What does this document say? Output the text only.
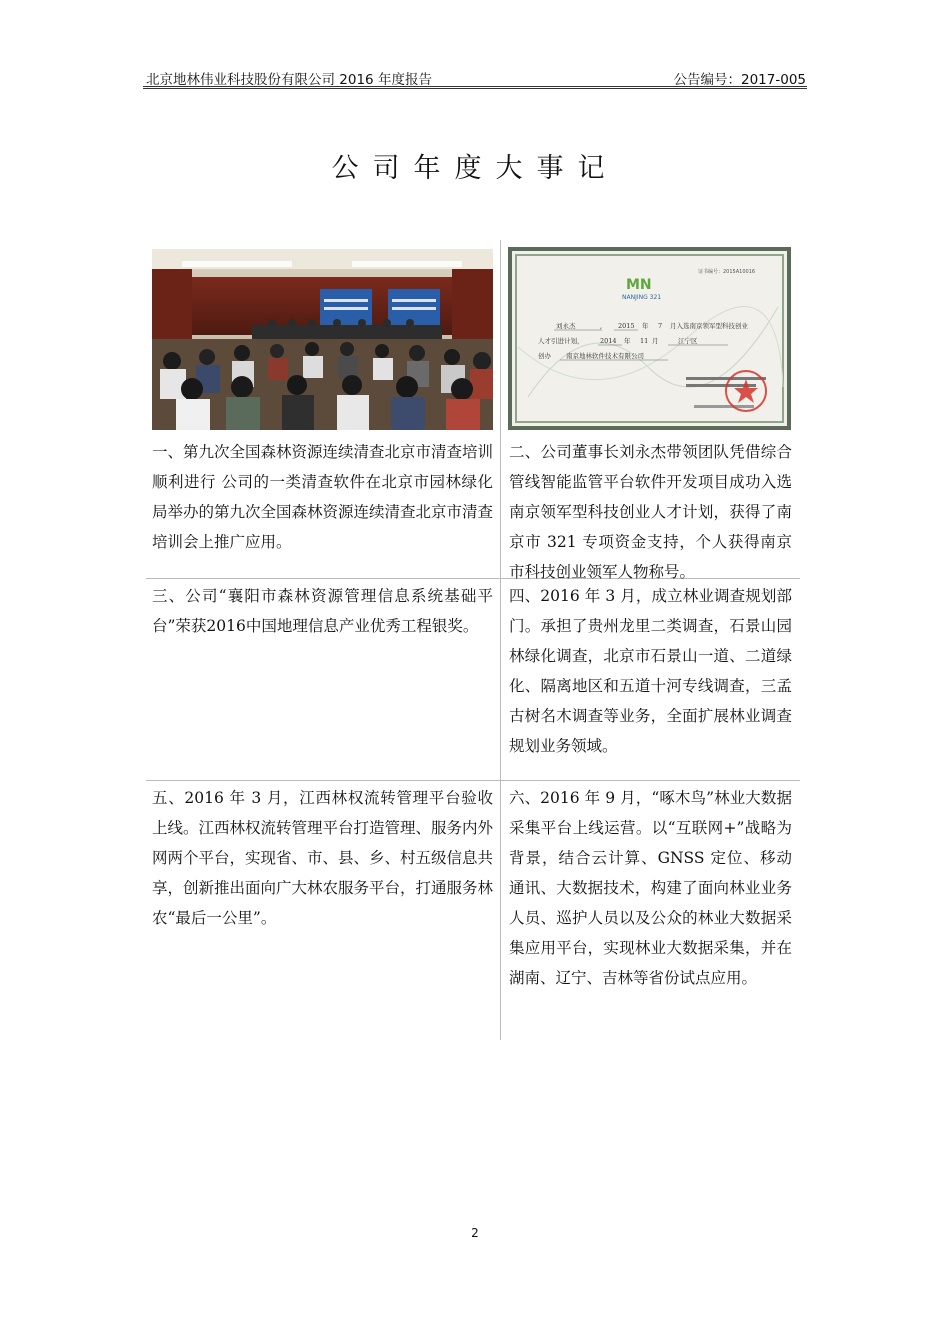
北京地林伟业科技股份有限公司 2016 年度报告	公告编号：2017-005
公司年度大事记
MN
NANJING 321
证书编号：2015A10016
刘永杰	, 2015 年 7 月入选南京领军型科技创业
人才引进计划，	2014 年 11 月	江宁区
创办 南京地林软件技术有限公司
一、第九次全国森林资源连续清查北京市清查培训顺利进行 公司的一类清查软件在北京市园林绿化局举办的第九次全国森林资源连续清查北京市清查培训会上推广应用。
二、公司董事长刘永杰带领团队凭借综合管线智能监管平台软件开发项目成功入选南京领军型科技创业人才计划，获得了南京市 321 专项资金支持，个人获得南京市科技创业领军人物称号。
三、公司“襄阳市森林资源管理信息系统基础平台”荣获2016中国地理信息产业优秀工程银奖。
四、2016 年 3 月，成立林业调查规划部门。承担了贵州龙里二类调查，石景山园林绿化调查，北京市石景山一道、二道绿化、隔离地区和五道十河专线调查，三孟古树名木调查等业务，全面扩展林业调查规划业务领域。
五、2016 年 3 月，江西林权流转管理平台验收上线。江西林权流转管理平台打造管理、服务内外网两个平台，实现省、市、县、乡、村五级信息共享，创新推出面向广大林农服务平台，打通服务林农“最后一公里”。
六、2016 年 9 月，“啄木鸟”林业大数据采集平台上线运营。以“互联网+”战略为背景，结合云计算、GNSS 定位、移动通讯、大数据技术，构建了面向林业业务人员、巡护人员以及公众的林业大数据采集应用平台，实现林业大数据采集，并在湖南、辽宁、吉林等省份试点应用。
2
